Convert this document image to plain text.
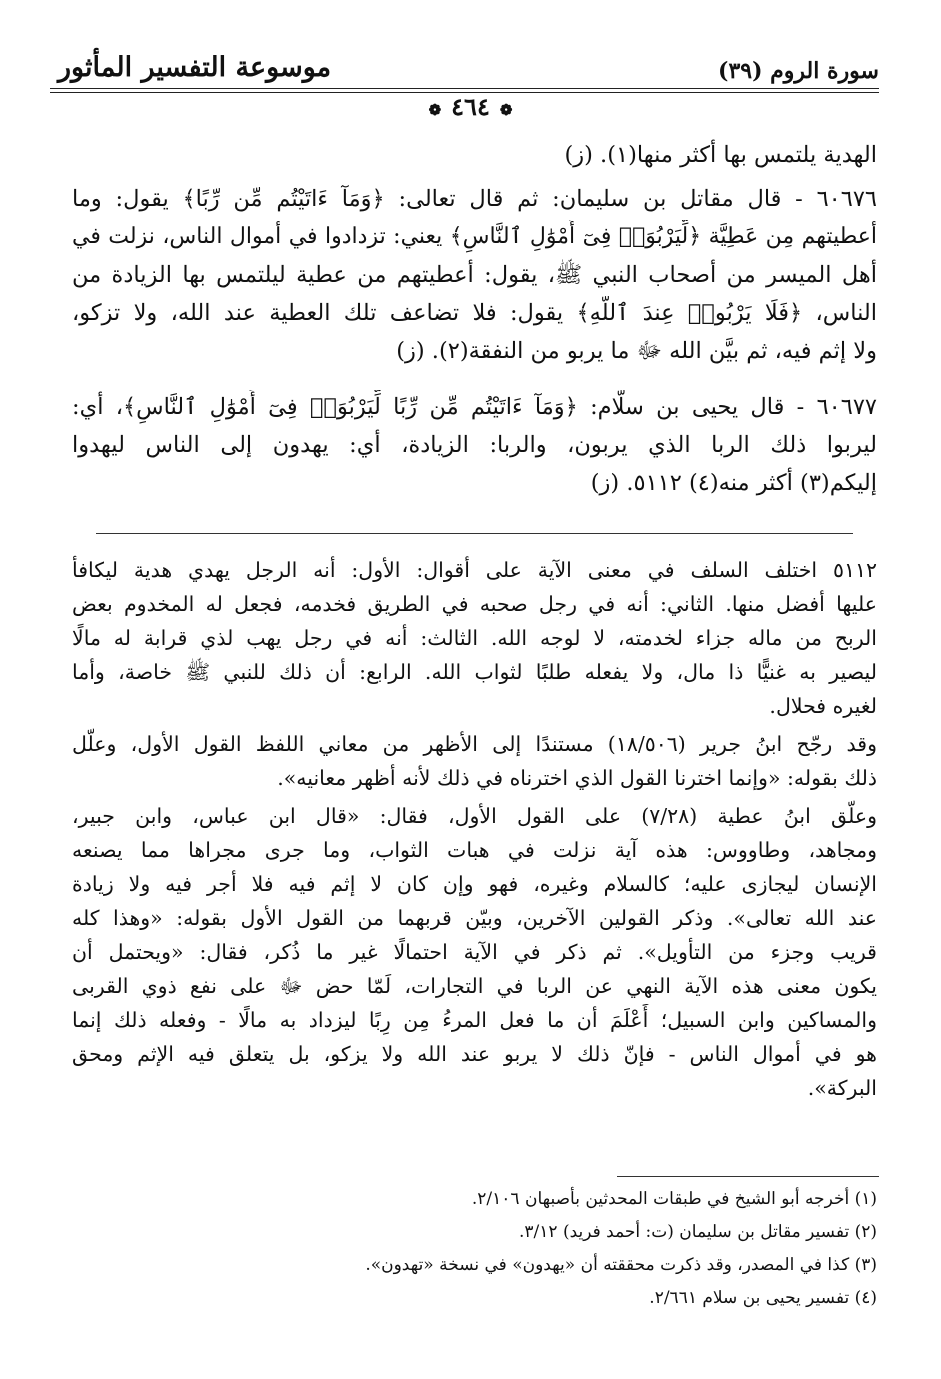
موسوعة التفسير المأثور	سورة الروم (٣٩)
❁ ٤٦٤ ❁
الهدية يلتمس بها أكثر منها(١). (ز)
٦٠٦٧٦ - قال مقاتل بن سليمان: ثم قال تعالى: ﴿وَمَآ ءَاتَيْتُم مِّن رِّبًا﴾ يقول: وما
أعطيتهم مِن عَطِيَّة ﴿لِّيَرْبُوَا۟ فِىٓ أَمْوَٰلِ ٱلنَّاسِ﴾ يعني: تزدادوا في أموال الناس، نزلت في
أهل الميسر من أصحاب النبي ﷺ، يقول: أعطيتهم من عطية ليلتمس بها الزيادة من
الناس، ﴿فَلَا يَرْبُوا۟ عِندَ ٱللَّهِ﴾ يقول: فلا تضاعف تلك العطية عند الله، ولا تزكو،
ولا إثم فيه، ثم بيَّن الله ﷻ ما يربو من النفقة(٢). (ز)
٦٠٦٧٧ - قال يحيى بن سلّام: ﴿وَمَآ ءَاتَيْتُم مِّن رِّبًا لِّيَرْبُوَا۟ فِىٓ أَمْوَٰلِ ٱلنَّاسِ﴾، أي:
ليربوا ذلك الربا الذي يربون، والربا: الزيادة، أي: يهدون إلى الناس ليهدوا
إليكم(٣) أكثر منه(٤) ٥١١٢. (ز)
٥١١٢ اختلف السلف في معنى الآية على أقوال: الأول: أنه الرجل يهدي هدية ليكافأ
عليها أفضل منها. الثاني: أنه في رجل صحبه في الطريق فخدمه، فجعل له المخدوم بعض
الربح من ماله جزاء لخدمته، لا لوجه الله. الثالث: أنه في رجل يهب لذي قرابة له مالًا
ليصير به غنيًّا ذا مال، ولا يفعله طلبًا لثواب الله. الرابع: أن ذلك للنبي ﷺ خاصة، وأما
لغيره فحلال.
وقد رجّح ابنُ جرير (١٨/٥٠٦) مستندًا إلى الأظهر من معاني اللفظ القول الأول، وعلّل
ذلك بقوله: «وإنما اخترنا القول الذي اخترناه في ذلك لأنه أظهر معانيه».
وعلّق ابنُ عطية (٧/٢٨) على القول الأول، فقال: «قال ابن عباس، وابن جبير،
ومجاهد، وطاووس: هذه آية نزلت في هبات الثواب، وما جرى مجراها مما يصنعه
الإنسان ليجازى عليه؛ كالسلام وغيره، فهو وإن كان لا إثم فيه فلا أجر فيه ولا زيادة
عند الله تعالى». وذكر القولين الآخرين، وبيّن قربهما من القول الأول بقوله: «وهذا كله
قريب وجزء من التأويل». ثم ذكر في الآية احتمالًا غير ما ذُكر، فقال: «ويحتمل أن
يكون معنى هذه الآية النهي عن الربا في التجارات، لَمّا حض ﷻ على نفع ذوي القربى
والمساكين وابن السبيل؛ أَعْلَمَ أن ما فعل المرءُ مِن رِبًا ليزداد به مالًا - وفعله ذلك إنما
هو في أموال الناس - فإنّ ذلك لا يربو عند الله ولا يزكو، بل يتعلق فيه الإثم ومحق
البركة».
(١) أخرجه أبو الشيخ في طبقات المحدثين بأصبهان ٢/١٠٦.
(٢) تفسير مقاتل بن سليمان (ت: أحمد فريد) ٣/١٢.
(٣) كذا في المصدر، وقد ذكرت محققته أن «يهدون» في نسخة «تهدون».
(٤) تفسير يحيى بن سلام ٢/٦٦١.
